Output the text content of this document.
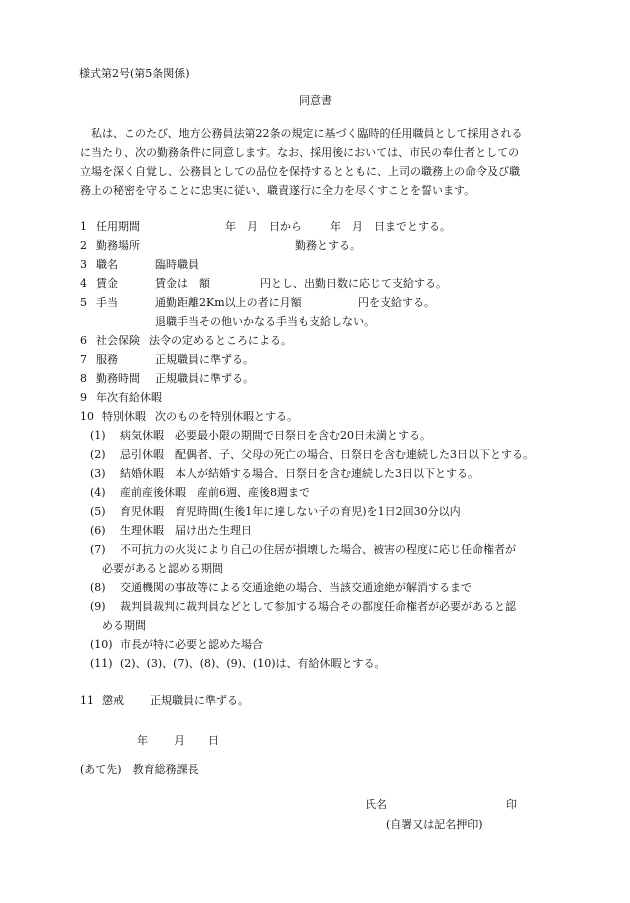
様式第2号(第5条関係)
同意書
　私は、このたび、地方公務員法第22条の規定に基づく臨時的任用職員として採用される
に当たり、次の勤務条件に同意します。なお、採用後においては、市民の奉仕者としての
立場を深く自覚し、公務員としての品位を保持するとともに、上司の職務上の命令及び職
務上の秘密を守ることに忠実に従い、職責遂行に全力を尽くすことを誓います。
1 任用期間	年　月　日から	年　月　日までとする。
2 勤務場所	勤務とする。
3 職名	臨時職員
4 賃金	賃金は　額	円とし、出勤日数に応じて支給する。
5 手当	通勤距離2Km以上の者に月額	円を支給する。
退職手当その他いかなる手当も支給しない。
6 社会保険 法令の定めるところによる。
7 服務	正規職員に準ずる。
8 勤務時間 正規職員に準ずる。
9 年次有給休暇
10 特別休暇 次のものを特別休暇とする。
(1) 病気休暇　必要最小限の期間で日祭日を含む20日未満とする。
(2) 忌引休暇　配偶者、子、父母の死亡の場合、日祭日を含む連続した3日以下とする。
(3) 結婚休暇　本人が結婚する場合、日祭日を含む連続した3日以下とする。
(4) 産前産後休暇　産前6週、産後8週まで
(5) 育児休暇　育児時間(生後1年に達しない子の育児)を1日2回30分以内
(6) 生理休暇　届け出た生理日
(7) 不可抗力の火災により自己の住居が損壊した場合、被害の程度に応じ任命権者が
必要があると認める期間
(8) 交通機関の事故等による交通途絶の場合、当該交通途絶が解消するまで
(9) 裁判員裁判に裁判員などとして参加する場合その都度任命権者が必要があると認
める期間
(10) 市長が特に必要と認めた場合
(11) (2)、(3)、(7)、(8)、(9)、(10)は、有給休暇とする。
11 懲戒 正規職員に準ずる。
年 月 日
(あて先)　教育総務課長
氏名	印
(自署又は記名押印)
